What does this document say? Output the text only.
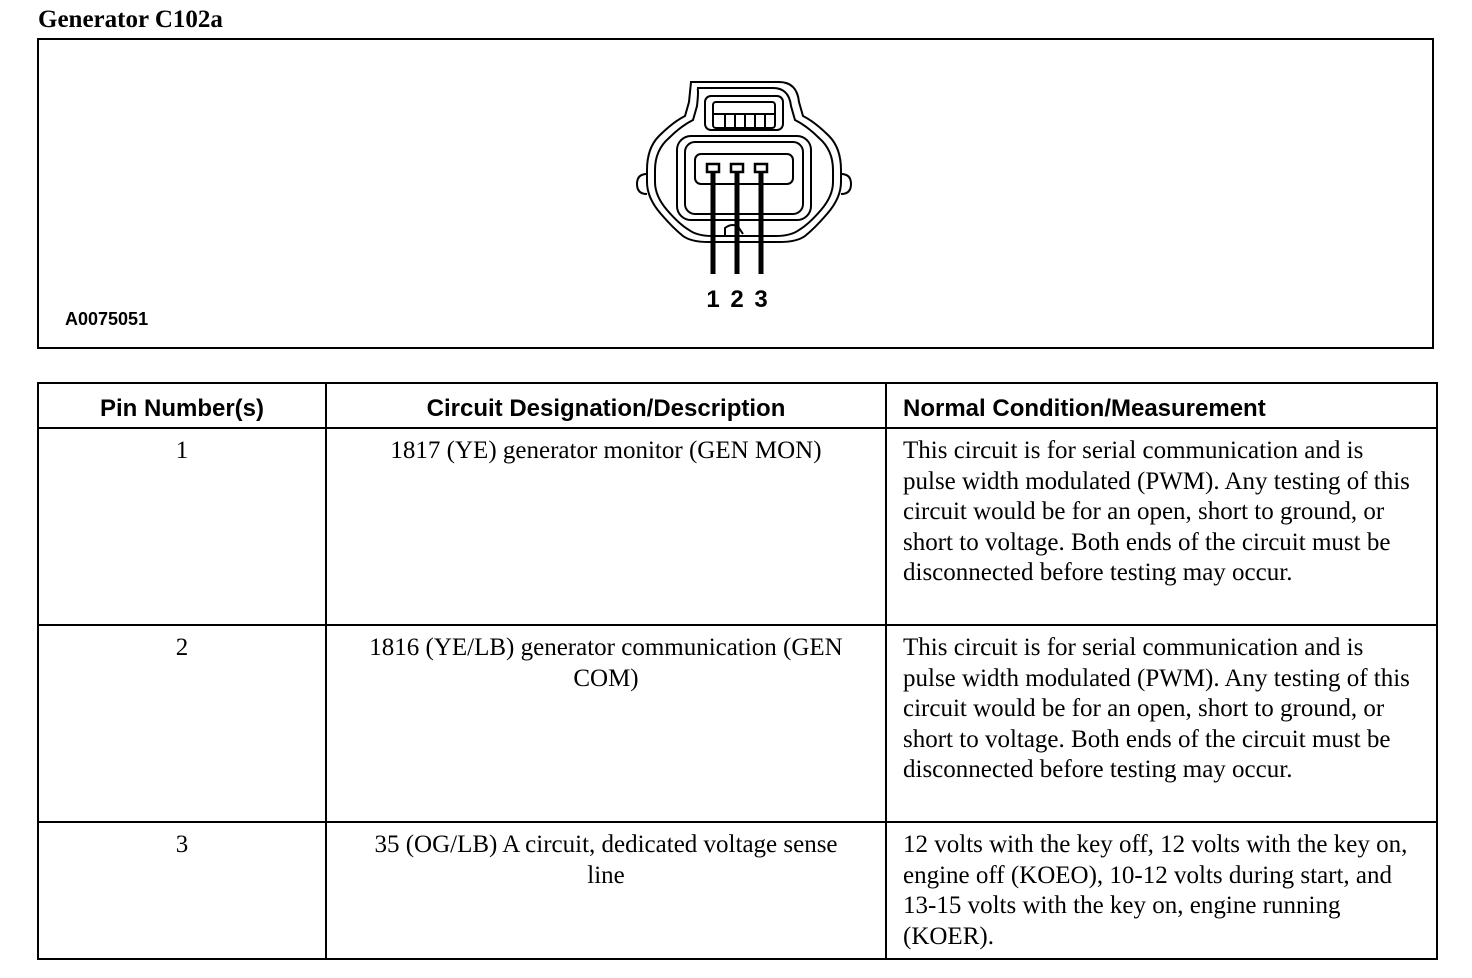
Generator C102a
1 2 3
A0075051
Pin Number(s)	Circuit Designation/Description	Normal Condition/Measurement
1	1817 (YE) generator monitor (GEN MON)	This circuit is for serial communication and is pulse width modulated (PWM). Any testing of this circuit would be for an open, short to ground, or short to voltage. Both ends of the circuit must be disconnected before testing may occur.
2	1816 (YE/LB) generator communication (GEN COM)	This circuit is for serial communication and is pulse width modulated (PWM). Any testing of this circuit would be for an open, short to ground, or short to voltage. Both ends of the circuit must be disconnected before testing may occur.
3	35 (OG/LB) A circuit, dedicated voltage sense line	12 volts with the key off, 12 volts with the key on, engine off (KOEO), 10-12 volts during start, and 13-15 volts with the key on, engine running (KOER).
